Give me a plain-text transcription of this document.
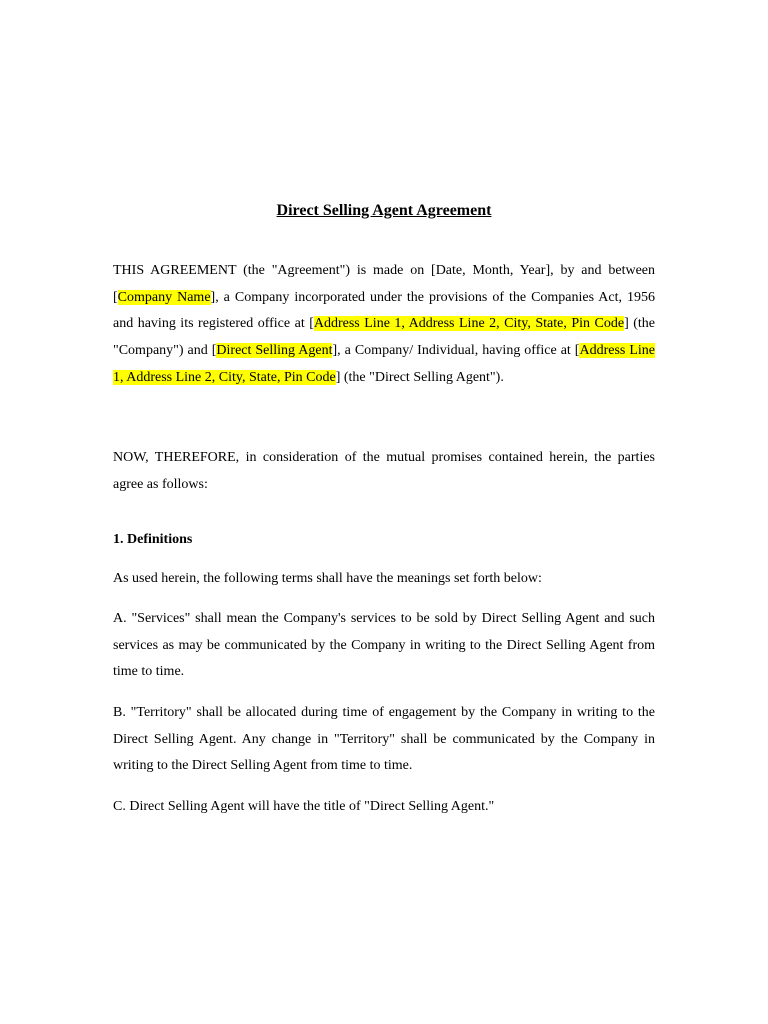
Direct Selling Agent Agreement
THIS AGREEMENT (the "Agreement") is made on [Date, Month, Year], by and between [Company Name], a Company incorporated under the provisions of the Companies Act, 1956 and having its registered office at [Address Line 1, Address Line 2, City, State, Pin Code] (the "Company") and [Direct Selling Agent], a Company/ Individual, having office at [Address Line 1, Address Line 2, City, State, Pin Code] (the "Direct Selling Agent").
NOW, THEREFORE, in consideration of the mutual promises contained herein, the parties agree as follows:
1. Definitions
As used herein, the following terms shall have the meanings set forth below:
A. "Services" shall mean the Company's services to be sold by Direct Selling Agent and such services as may be communicated by the Company in writing to the Direct Selling Agent from time to time.
B. "Territory" shall be allocated during time of engagement by the Company in writing to the Direct Selling Agent. Any change in "Territory" shall be communicated by the Company in writing to the Direct Selling Agent from time to time.
C. Direct Selling Agent will have the title of "Direct Selling Agent."
